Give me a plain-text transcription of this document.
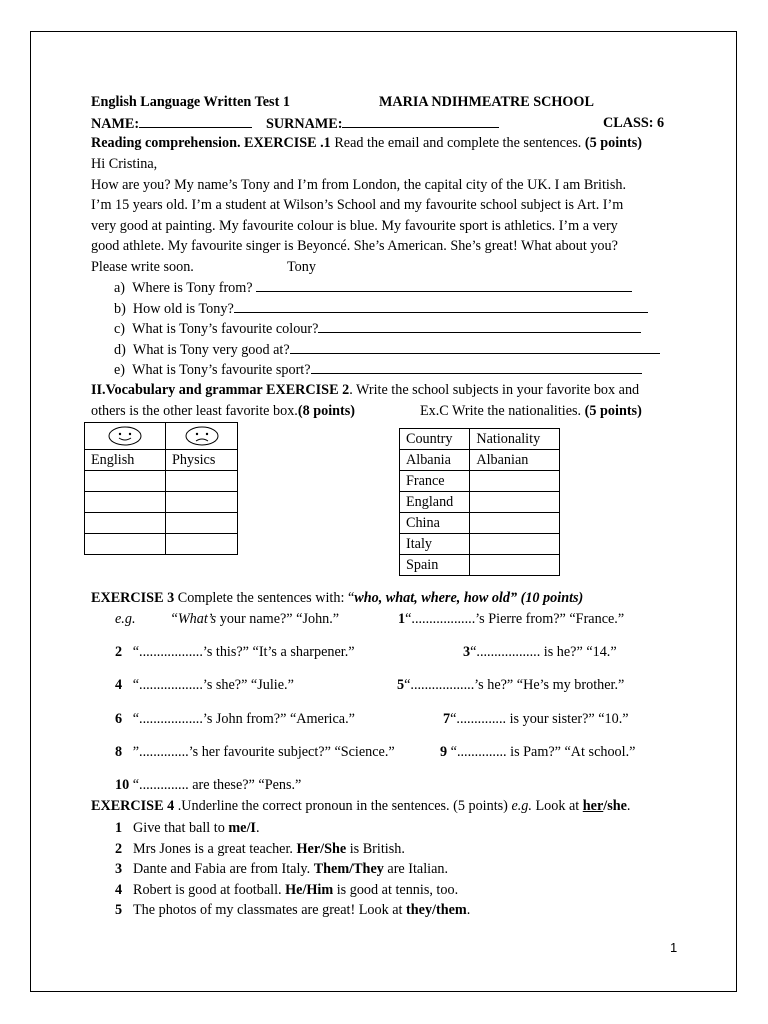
English Language Written Test 1	MARIA NDIHMEATRE SCHOOL
NAME:	SURNAME:	CLASS: 6
Reading comprehension. EXERCISE .1 Read the email and complete the sentences. (5 points)
Hi Cristina,
How are you? My name’s Tony and I’m from London, the capital city of the UK. I am British.
I’m 15 years old. I’m a student at Wilson’s School and my favourite school subject is Art. I’m
very good at painting. My favourite colour is blue. My favourite sport is athletics. I’m a very
good athlete. My favourite singer is Beyoncé. She’s American. She’s great! What about you?
Please write soon.	Tony
a) Where is Tony from?
b) How old is Tony?
c) What is Tony’s favourite colour?
d) What is Tony very good at?
e) What is Tony’s favourite sport?
II.Vocabulary and grammar EXERCISE 2. Write the school subjects in your favorite box and
others is the other least favorite box.(8 points)	Ex.C Write the nationalities. (5 points)

English	Physics

Country	Nationality
Albania	Albanian
France	
England	
China	
Italy	
Spain	
EXERCISE 3 Complete the sentences with: “who, what, where, how old” (10 points)
e.g.	“What’s your name?” “John.”	1“..................’s Pierre from?” “France.”
2 “..................’s this?” “It’s a sharpener.”	3“.................. is he?” “14.”
4 “..................’s she?” “Julie.”	5“..................’s he?” “He’s my brother.”
6 “..................’s John from?” “America.”	7“.............. is your sister?” “10.”
8 ”..............’s her favourite subject?” “Science.”	9 “.............. is Pam?” “At school.”
10 “.............. are these?” “Pens.”
EXERCISE 4 .Underline the correct pronoun in the sentences. (5 points) e.g. Look at her/she.
1 Give that ball to me/I.
2 Mrs Jones is a great teacher. Her/She is British.
3 Dante and Fabia are from Italy. Them/They are Italian.
4 Robert is good at football. He/Him is good at tennis, too.
5 The photos of my classmates are great! Look at they/them.
1
